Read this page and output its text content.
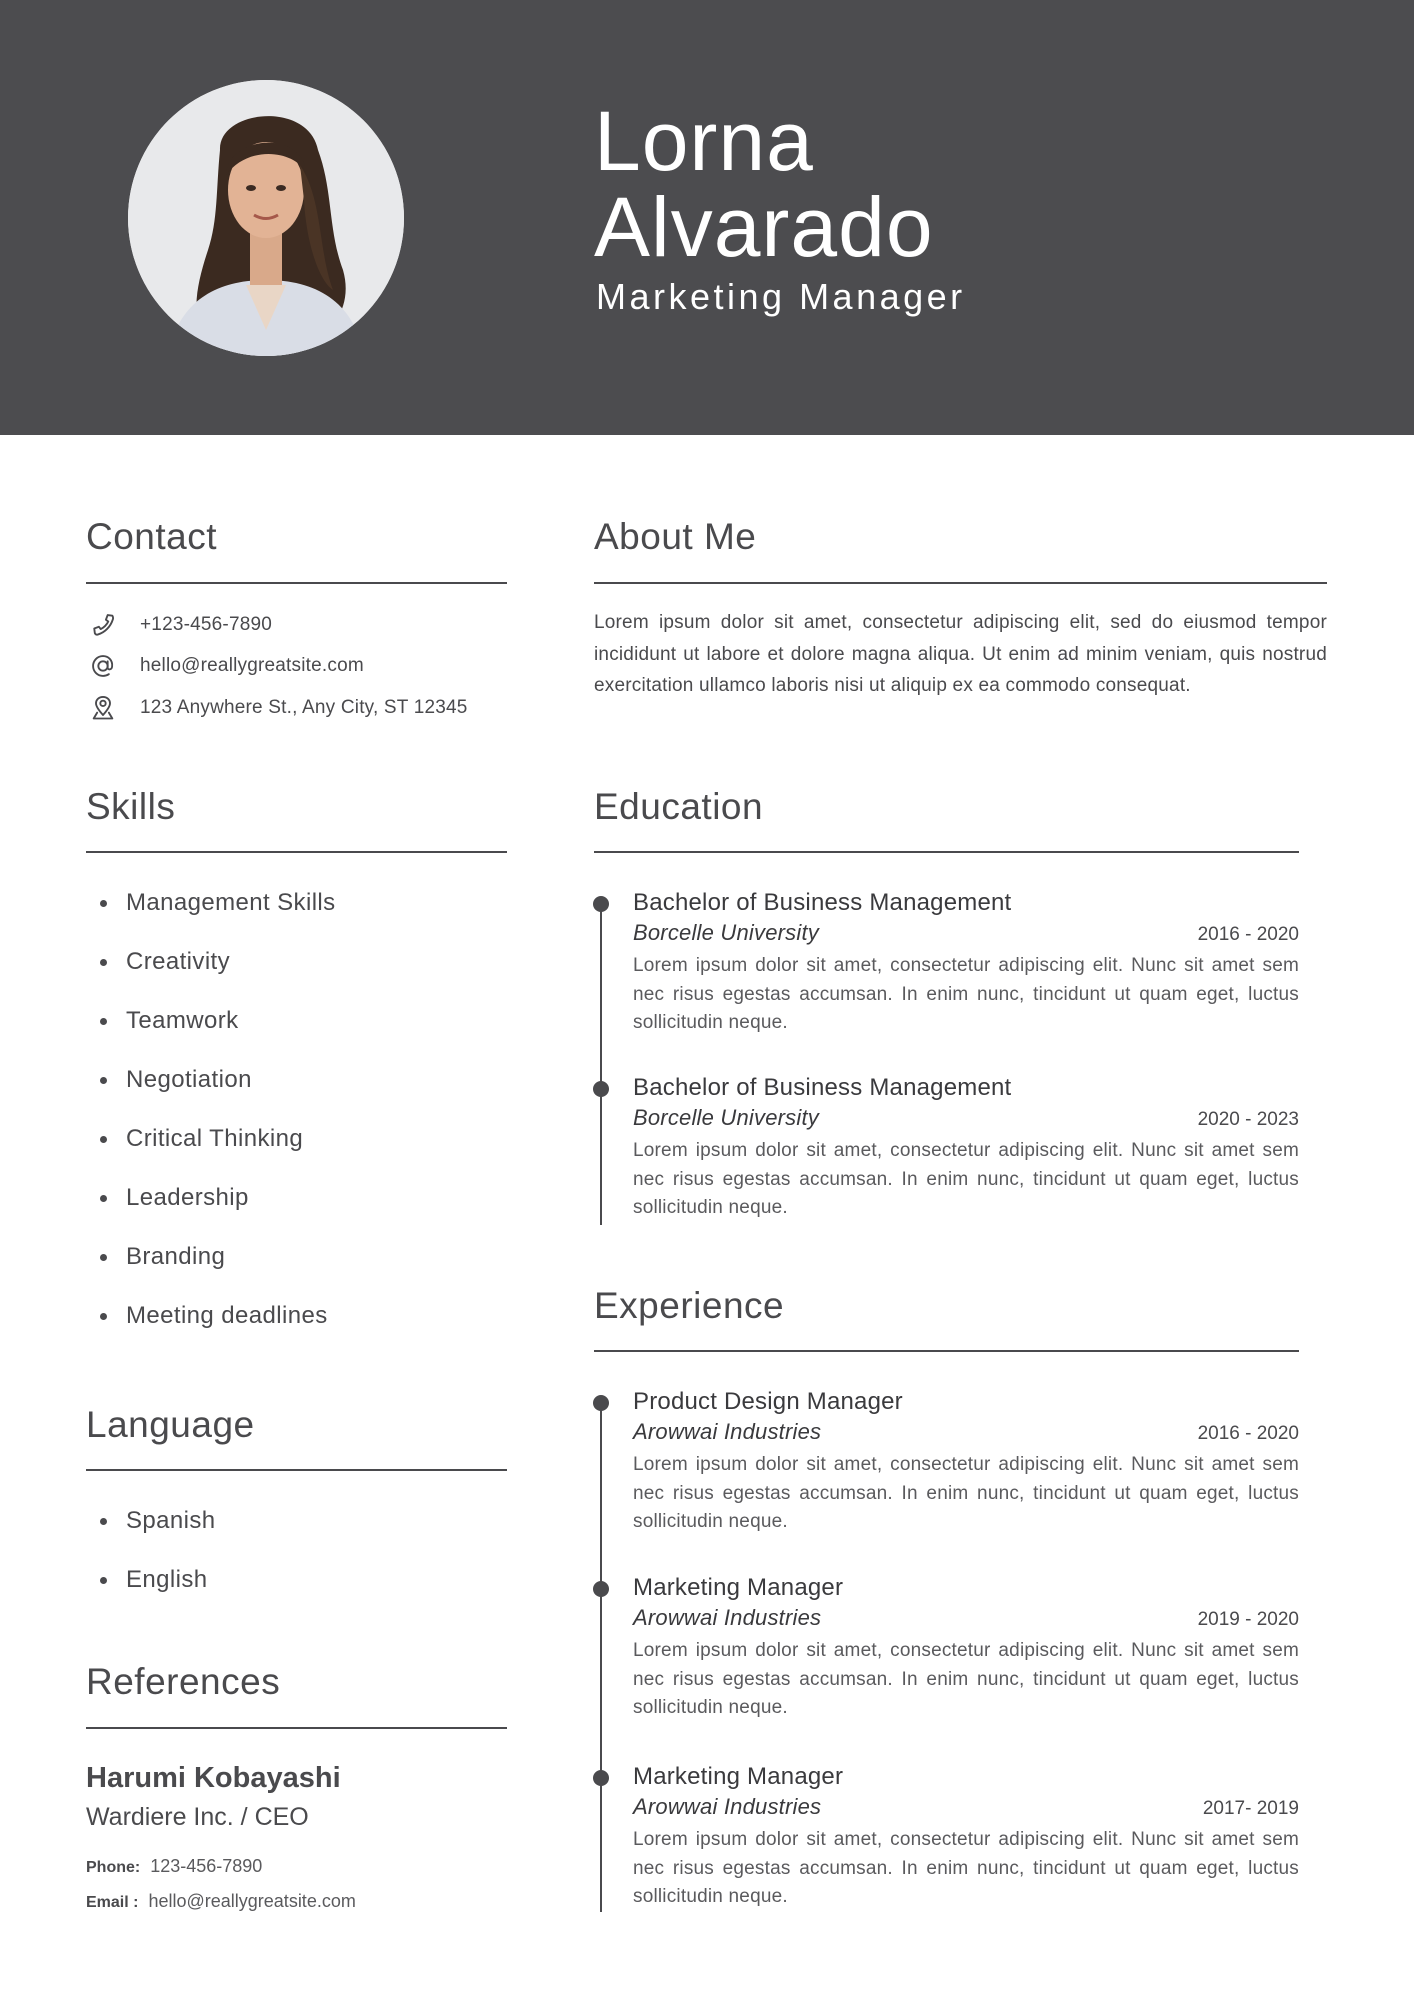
Lorna
Alvarado
Marketing Manager
Contact
+123-456-7890
hello@reallygreatsite.com
123 Anywhere St., Any City, ST 12345
Skills
Management Skills
Creativity
Teamwork
Negotiation
Critical Thinking
Leadership
Branding
Meeting deadlines
Language
Spanish
English
References
Harumi Kobayashi
Wardiere Inc. / CEO
Phone: 123-456-7890
Email : hello@reallygreatsite.com
About Me
Lorem ipsum dolor sit amet, consectetur adipiscing elit, sed do eiusmod tempor incididunt ut labore et dolore magna aliqua. Ut enim ad minim veniam, quis nostrud exercitation ullamco laboris nisi ut aliquip ex ea commodo consequat.
Education
Bachelor of Business Management
Borcelle University	2016 - 2020
Lorem ipsum dolor sit amet, consectetur adipiscing elit. Nunc sit amet sem nec risus egestas accumsan. In enim nunc, tincidunt ut quam eget, luctus sollicitudin neque.
Bachelor of Business Management
Borcelle University	2020 - 2023
Lorem ipsum dolor sit amet, consectetur adipiscing elit. Nunc sit amet sem nec risus egestas accumsan. In enim nunc, tincidunt ut quam eget, luctus sollicitudin neque.
Experience
Product Design Manager
Arowwai Industries	2016 - 2020
Lorem ipsum dolor sit amet, consectetur adipiscing elit. Nunc sit amet sem nec risus egestas accumsan. In enim nunc, tincidunt ut quam eget, luctus sollicitudin neque.
Marketing Manager
Arowwai Industries	2019 - 2020
Lorem ipsum dolor sit amet, consectetur adipiscing elit. Nunc sit amet sem nec risus egestas accumsan. In enim nunc, tincidunt ut quam eget, luctus sollicitudin neque.
Marketing Manager
Arowwai Industries	2017- 2019
Lorem ipsum dolor sit amet, consectetur adipiscing elit. Nunc sit amet sem nec risus egestas accumsan. In enim nunc, tincidunt ut quam eget, luctus sollicitudin neque.
